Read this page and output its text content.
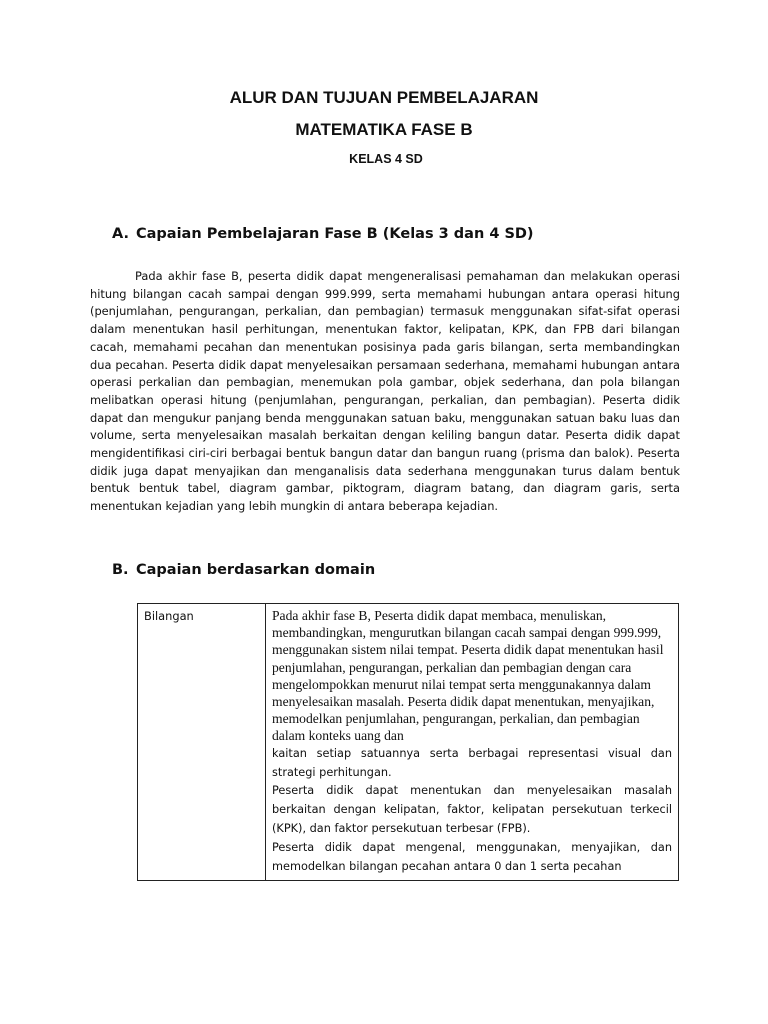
ALUR DAN TUJUAN PEMBELAJARAN
MATEMATIKA FASE B
KELAS 4 SD
A. Capaian Pembelajaran Fase B (Kelas 3 dan 4 SD)

Pada akhir fase B, peserta didik dapat mengeneralisasi pemahaman dan melakukan operasi hitung bilangan cacah sampai dengan 999.999, serta memahami hubungan antara operasi hitung (penjumlahan, pengurangan, perkalian, dan pembagian) termasuk menggunakan sifat-sifat operasi dalam menentukan hasil perhitungan, menentukan faktor, kelipatan, KPK, dan FPB dari bilangan cacah, memahami pecahan dan menentukan posisinya pada garis bilangan, serta membandingkan dua pecahan. Peserta didik dapat menyelesaikan persamaan sederhana, memahami hubungan antara operasi perkalian dan pembagian, menemukan pola gambar, objek sederhana, dan pola bilangan melibatkan operasi hitung (penjumlahan, pengurangan, perkalian, dan pembagian). Peserta didik dapat dan mengukur panjang benda menggunakan satuan baku, menggunakan satuan baku luas dan volume, serta menyelesaikan masalah berkaitan dengan keliling bangun datar. Peserta didik dapat mengidentifikasi ciri-ciri berbagai bentuk bangun datar dan bangun ruang (prisma dan balok). Peserta didik juga dapat menyajikan dan menganalisis data sederhana menggunakan turus dalam bentuk bentuk bentuk tabel, diagram gambar, piktogram, diagram batang, dan diagram garis, serta menentukan kejadian yang lebih mungkin di antara beberapa kejadian.

B. Capaian berdasarkan domain
Bilangan	Pada akhir fase B, Peserta didik dapat membaca, menuliskan, membandingkan, mengurutkan bilangan cacah sampai dengan 999.999, menggunakan sistem nilai tempat. Peserta didik dapat menentukan hasil penjumlahan, pengurangan, perkalian dan pembagian dengan cara mengelompokkan menurut nilai tempat serta menggunakannya dalam menyelesaikan masalah. Peserta didik dapat menentukan, menyajikan, memodelkan penjumlahan, pengurangan, perkalian, dan pembagian dalam konteks uang dan

kaitan setiap satuannya serta berbagai representasi visual dan strategi perhitungan.

Peserta didik dapat menentukan dan menyelesaikan masalah berkaitan dengan kelipatan, faktor, kelipatan persekutuan terkecil (KPK), dan faktor persekutuan terbesar (FPB).

Peserta didik dapat mengenal, menggunakan, menyajikan, dan memodelkan bilangan pecahan antara 0 dan 1 serta pecahan
